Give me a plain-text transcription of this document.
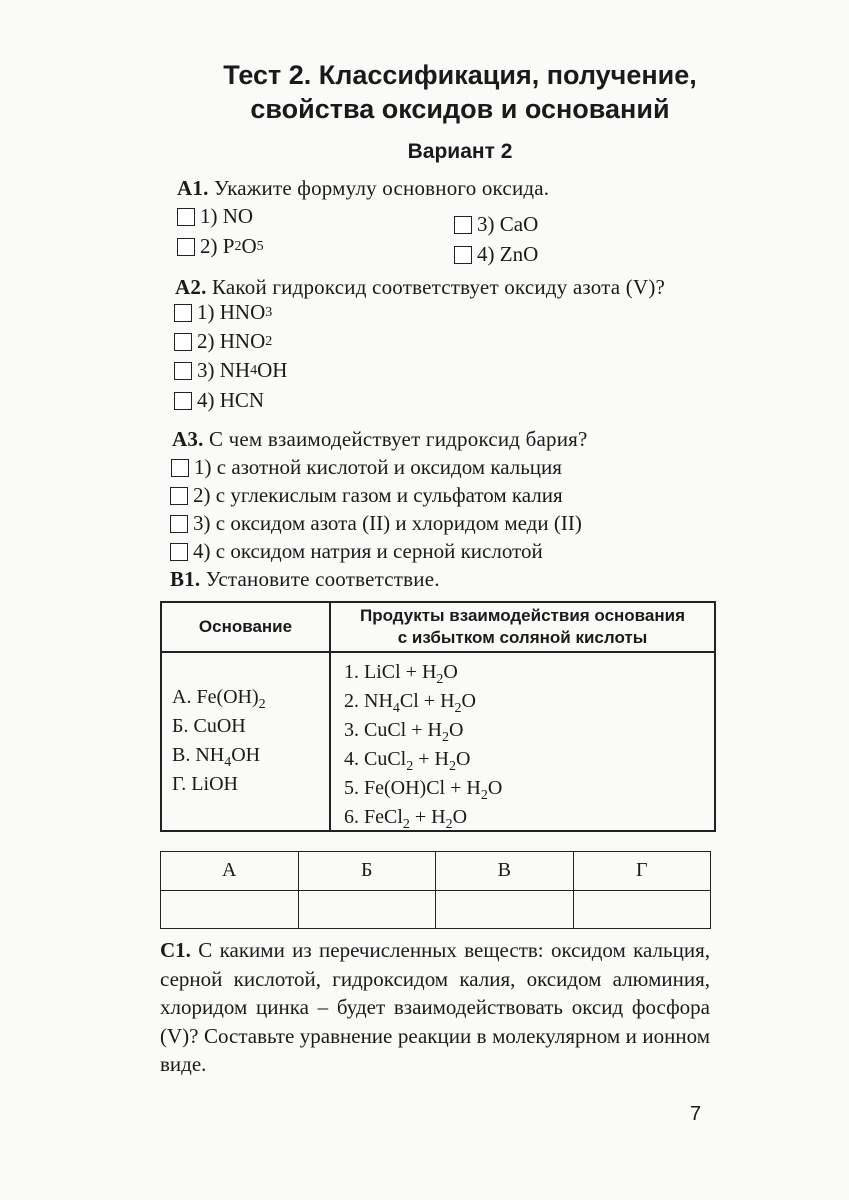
Тест 2. Классификация, получение,
свойства оксидов и оснований
Вариант 2
А1. Укажите формулу основного оксида.
1) NO
2) P 2 O 5
3) CaO
4) ZnO
А2. Какой гидроксид соответствует оксиду азота (V)?
1) HNO 3
2) HNO 2
3) NH 4 OH
4) HCN
А3. С чем взаимодействует гидроксид бария?
1) с азотной кислотой и оксидом кальция
2) с углекислым газом и сульфатом калия
3) с оксидом азота (II) и хлоридом меди (II)
4) с оксидом натрия и серной кислотой
В1. Установите соответствие.
Основание
Продукты взаимодействия основания
с избытком соляной кислоты
А. $Fe(OH)_2$
Б. CuOH
В. $NH_4OH$
Г. LiOH
1. LiCl + $H_2O$
2. $NH_4Cl + H_2O$
3. CuCl + $H_2O$
4. CuCl$_2$ + $H_2O$
5. $Fe(OH)Cl + H_2O$
6. FeCl$_2$ + $H_2O$
А	Б	В	Г

С1. С какими из перечисленных веществ: оксидом кальция, серной кислотой, гидроксидом калия, оксидом алюминия, хлоридом цинка – будет взаимодействовать оксид фосфора (V)? Составьте уравнение реакции в молекулярном и ионном виде.
7
